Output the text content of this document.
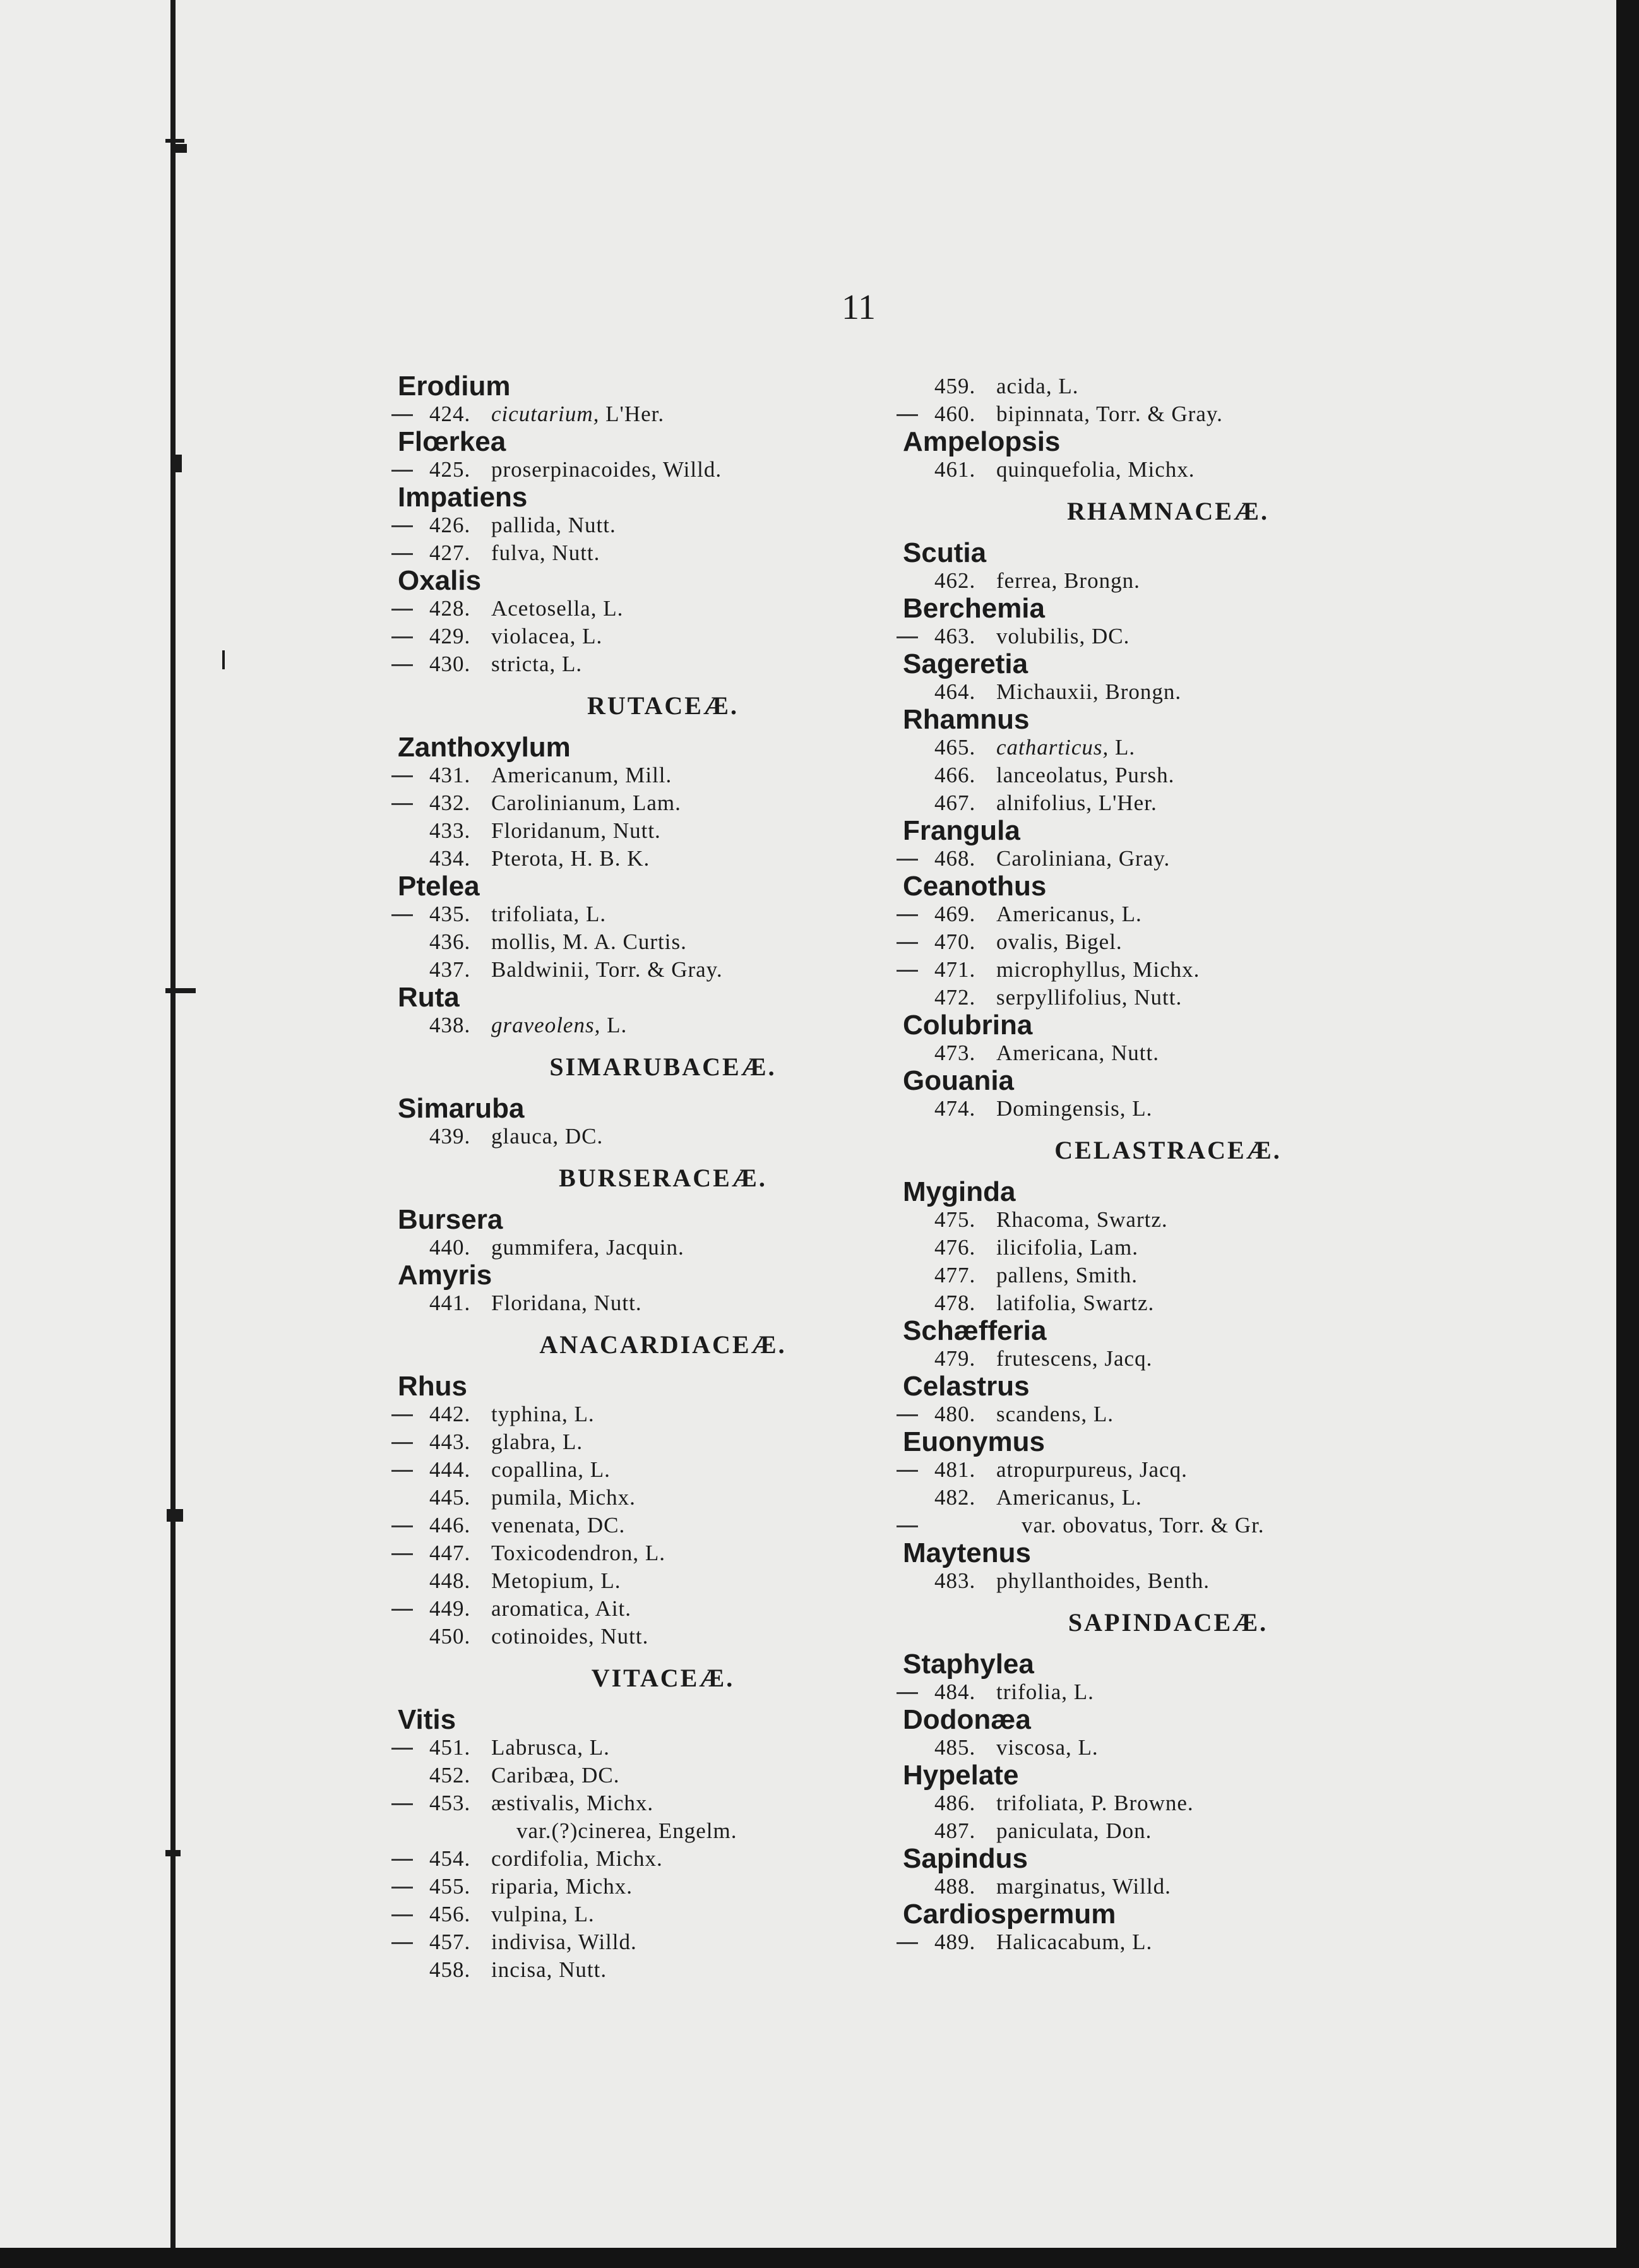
11
Erodium
424. cicutarium, L'Her.
Flœrkea
425. proserpinacoides, Willd.
Impatiens
426. pallida, Nutt.
427. fulva, Nutt.
Oxalis
428. Acetosella, L.
429. violacea, L.
430. stricta, L.
RUTACEÆ.
Zanthoxylum
431. Americanum, Mill.
432. Carolinianum, Lam.
433. Floridanum, Nutt.
434. Pterota, H. B. K.
Ptelea
435. trifoliata, L.
436. mollis, M. A. Curtis.
437. Baldwinii, Torr. & Gray.
Ruta
438. graveolens, L.
SIMARUBACEÆ.
Simaruba
439. glauca, DC.
BURSERACEÆ.
Bursera
440. gummifera, Jacquin.
Amyris
441. Floridana, Nutt.
ANACARDIACEÆ.
Rhus
442. typhina, L.
443. glabra, L.
444. copallina, L.
445. pumila, Michx.
446. venenata, DC.
447. Toxicodendron, L.
448. Metopium, L.
449. aromatica, Ait.
450. cotinoides, Nutt.
VITACEÆ.
Vitis
451. Labrusca, L.
452. Caribæa, DC.
453. æstivalis, Michx.
var.(?)cinerea, Engelm.
454. cordifolia, Michx.
455. riparia, Michx.
456. vulpina, L.
457. indivisa, Willd.
458. incisa, Nutt.
459. acida, L.
460. bipinnata, Torr. & Gray.
Ampelopsis
461. quinquefolia, Michx.
RHAMNACEÆ.
Scutia
462. ferrea, Brongn.
Berchemia
463. volubilis, DC.
Sageretia
464. Michauxii, Brongn.
Rhamnus
465. catharticus, L.
466. lanceolatus, Pursh.
467. alnifolius, L'Her.
Frangula
468. Caroliniana, Gray.
Ceanothus
469. Americanus, L.
470. ovalis, Bigel.
471. microphyllus, Michx.
472. serpyllifolius, Nutt.
Colubrina
473. Americana, Nutt.
Gouania
474. Domingensis, L.
CELASTRACEÆ.
Myginda
475. Rhacoma, Swartz.
476. ilicifolia, Lam.
477. pallens, Smith.
478. latifolia, Swartz.
Schæfferia
479. frutescens, Jacq.
Celastrus
480. scandens, L.
Euonymus
481. atropurpureus, Jacq.
482. Americanus, L.
var. obovatus, Torr. & Gr.
Maytenus
483. phyllanthoides, Benth.
SAPINDACEÆ.
Staphylea
484. trifolia, L.
Dodonæa
485. viscosa, L.
Hypelate
486. trifoliata, P. Browne.
487. paniculata, Don.
Sapindus
488. marginatus, Willd.
Cardiospermum
489. Halicacabum, L.
